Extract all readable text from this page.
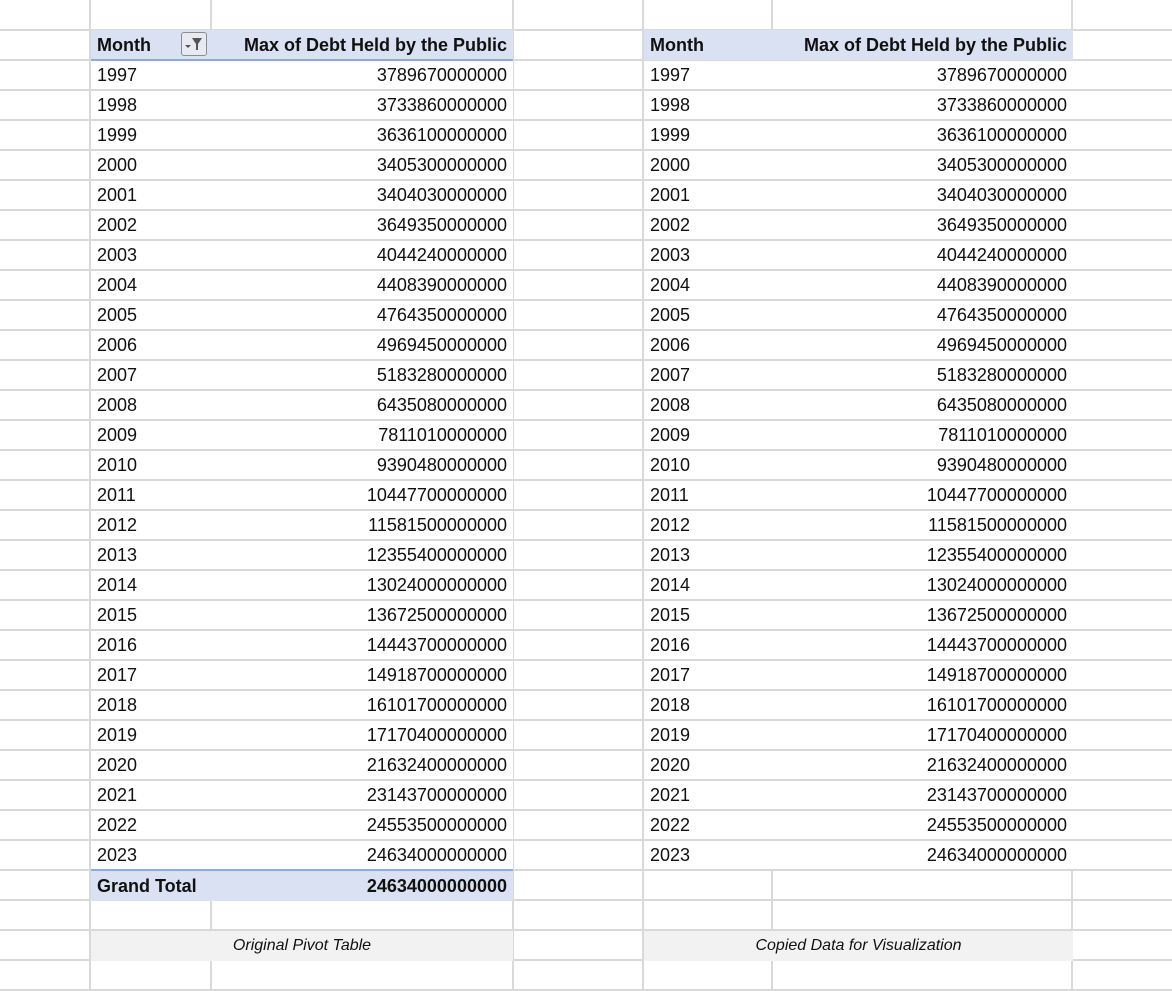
Month	Max of Debt Held by the Public
1997	3789670000000
1998	3733860000000
1999	3636100000000
2000	3405300000000
2001	3404030000000
2002	3649350000000
2003	4044240000000
2004	4408390000000
2005	4764350000000
2006	4969450000000
2007	5183280000000
2008	6435080000000
2009	7811010000000
2010	9390480000000
2011	10447700000000
2012	11581500000000
2013	12355400000000
2014	13024000000000
2015	13672500000000
2016	14443700000000
2017	14918700000000
2018	16101700000000
2019	17170400000000
2020	21632400000000
2021	23143700000000
2022	24553500000000
2023	24634000000000
Grand Total	24634000000000
Original Pivot Table
Month	Max of Debt Held by the Public
1997	3789670000000
1998	3733860000000
1999	3636100000000
2000	3405300000000
2001	3404030000000
2002	3649350000000
2003	4044240000000
2004	4408390000000
2005	4764350000000
2006	4969450000000
2007	5183280000000
2008	6435080000000
2009	7811010000000
2010	9390480000000
2011	10447700000000
2012	11581500000000
2013	12355400000000
2014	13024000000000
2015	13672500000000
2016	14443700000000
2017	14918700000000
2018	16101700000000
2019	17170400000000
2020	21632400000000
2021	23143700000000
2022	24553500000000
2023	24634000000000
Copied Data for Visualization
